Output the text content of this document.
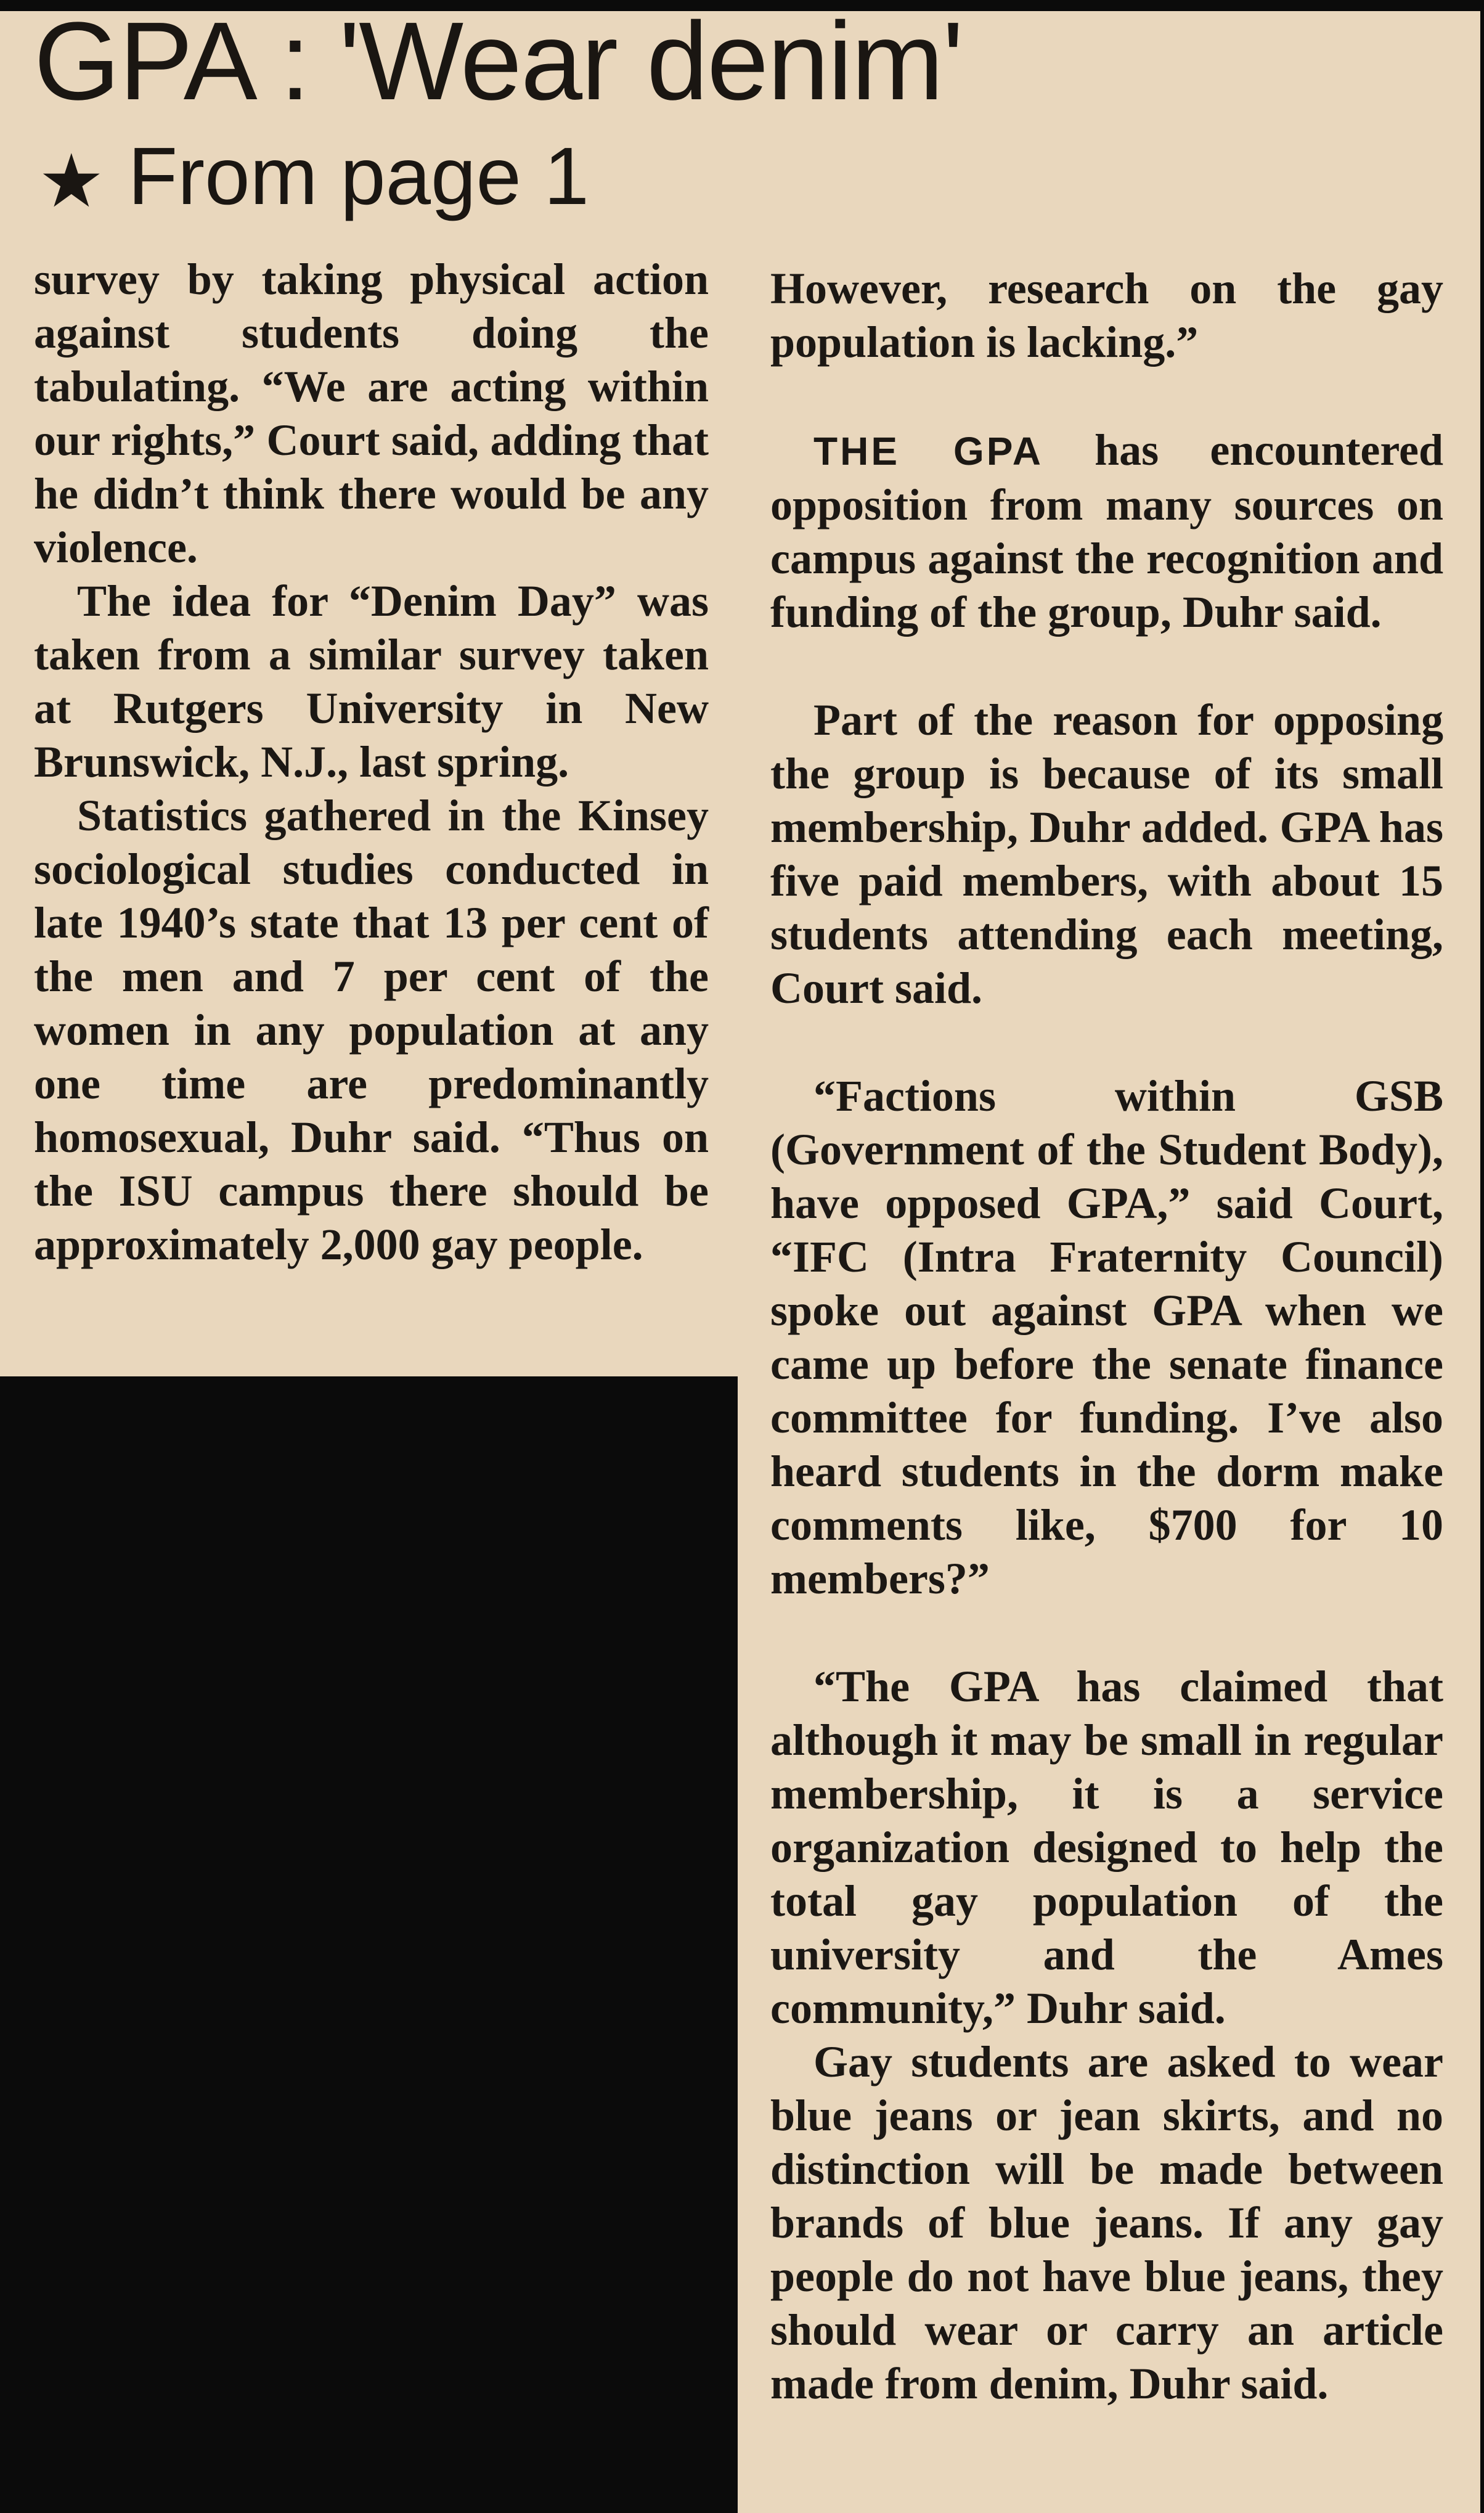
GPA : 'Wear denim'
★ From page 1

survey by taking physical action against students doing the tabulating. “We are acting within our rights,” Court said, adding that he didn’t think there would be any violence.

The idea for “Denim Day” was taken from a similar survey taken at Rutgers University in New Brunswick, N.J., last spring.

Statistics gathered in the Kinsey sociological studies conducted in late 1940’s state that 13 per cent of the men and 7 per cent of the women in any population at any one time are predominantly homosexual, Duhr said. “Thus on the ISU campus there should be approximately 2,000 gay people.

However, research on the gay population is lacking.”

THE GPA has encountered opposition from many sources on campus against the recognition and funding of the group, Duhr said.

Part of the reason for opposing the group is because of its small membership, Duhr added. GPA has five paid members, with about 15 students attending each meeting, Court said.

“Factions within GSB (Government of the Student Body), have opposed GPA,” said Court, “IFC (Intra Fraternity Council) spoke out against GPA when we came up before the senate finance committee for funding. I’ve also heard students in the dorm make comments like, $700 for 10 members?”

“The GPA has claimed that although it may be small in regular membership, it is a service organization designed to help the total gay population of the university and the Ames community,” Duhr said.

Gay students are asked to wear blue jeans or jean skirts, and no distinction will be made between brands of blue jeans. If any gay people do not have blue jeans, they should wear or carry an article made from denim, Duhr said.
